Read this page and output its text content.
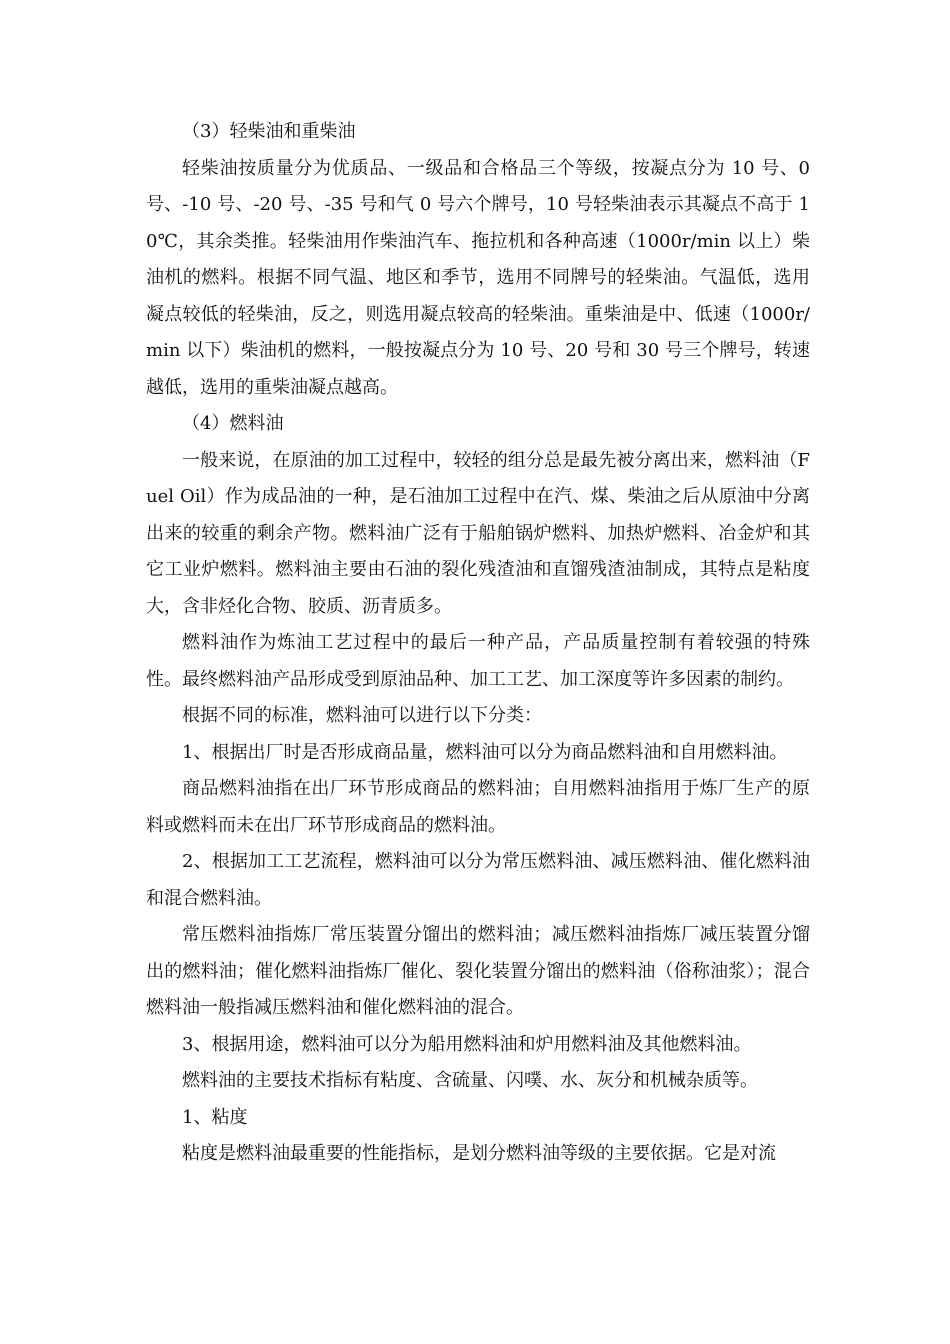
（3）轻柴油和重柴油

轻柴油按质量分为优质品、一级品和合格品三个等级，按凝点分为 10 号、0 号、-10 号、-20 号、-35 号和气 0 号六个牌号，10 号轻柴油表示其凝点不高于 10℃，其余类推。轻柴油用作柴油汽车、拖拉机和各种高速（1000r/min 以上）柴油机的燃料。根据不同气温、地区和季节，选用不同牌号的轻柴油。气温低，选用凝点较低的轻柴油，反之，则选用凝点较高的轻柴油。重柴油是中、低速（1000r/min 以下）柴油机的燃料，一般按凝点分为 10 号、20 号和 30 号三个牌号，转速越低，选用的重柴油凝点越高。

（4）燃料油

一般来说，在原油的加工过程中，较轻的组分总是最先被分离出来，燃料油（Fuel Oil）作为成品油的一种，是石油加工过程中在汽、煤、柴油之后从原油中分离出来的较重的剩余产物。燃料油广泛有于船舶锅炉燃料、加热炉燃料、冶金炉和其它工业炉燃料。燃料油主要由石油的裂化残渣油和直馏残渣油制成，其特点是粘度大，含非烃化合物、胶质、沥青质多。

燃料油作为炼油工艺过程中的最后一种产品，产品质量控制有着较强的特殊性。最终燃料油产品形成受到原油品种、加工工艺、加工深度等许多因素的制约。

根据不同的标准，燃料油可以进行以下分类：

1、根据出厂时是否形成商品量，燃料油可以分为商品燃料油和自用燃料油。

商品燃料油指在出厂环节形成商品的燃料油；自用燃料油指用于炼厂生产的原料或燃料而未在出厂环节形成商品的燃料油。

2、根据加工工艺流程，燃料油可以分为常压燃料油、减压燃料油、催化燃料油和混合燃料油。

常压燃料油指炼厂常压装置分馏出的燃料油；减压燃料油指炼厂减压装置分馏出的燃料油；催化燃料油指炼厂催化、裂化装置分馏出的燃料油（俗称油浆）；混合燃料油一般指减压燃料油和催化燃料油的混合。

3、根据用途，燃料油可以分为船用燃料油和炉用燃料油及其他燃料油。

燃料油的主要技术指标有粘度、含硫量、闪噗、水、灰分和机械杂质等。

1、粘度

粘度是燃料油最重要的性能指标，是划分燃料油等级的主要依据。它是对流
